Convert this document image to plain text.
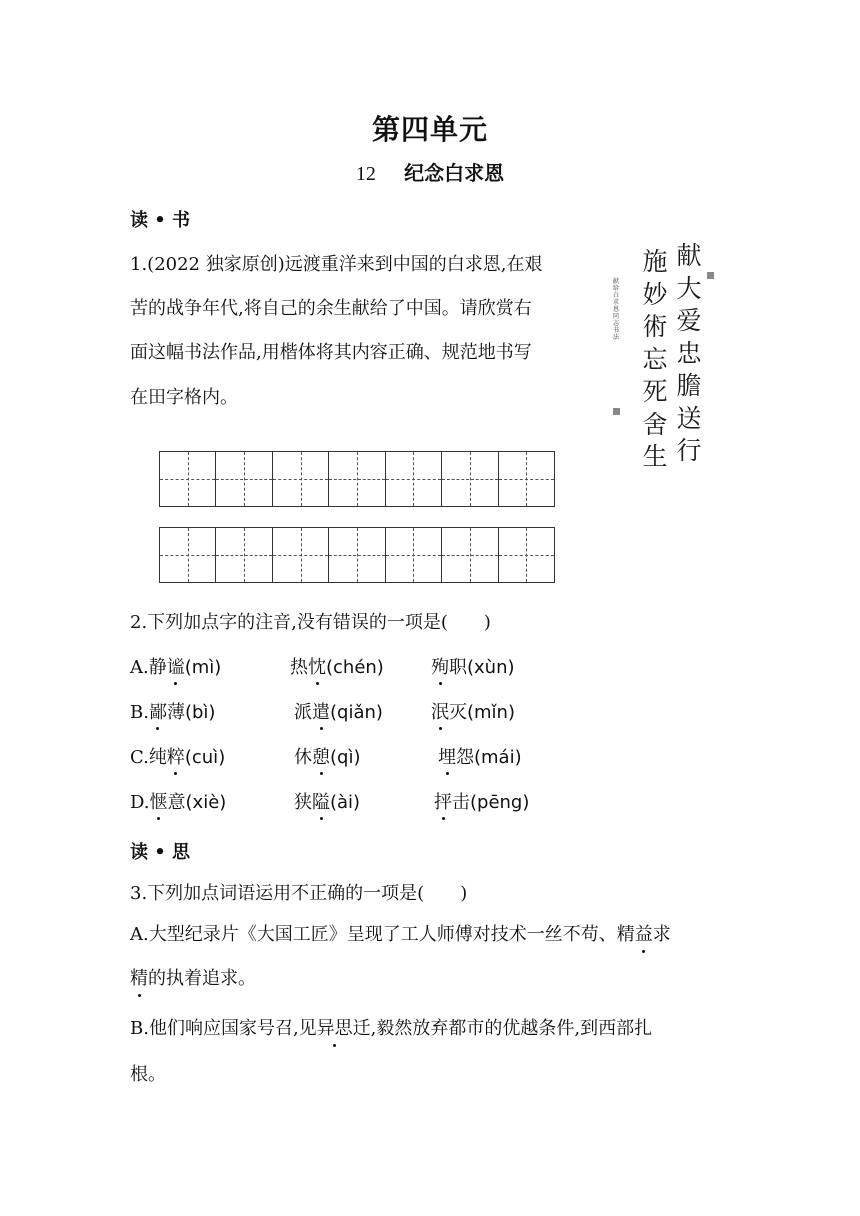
第四单元
12 纪念白求恩
读 • 书
1.(2022 独家原创)远渡重洋来到中国的白求恩,在艰
苦的战争年代,将自己的余生献给了中国。请欣赏右
面这幅书法作品,用楷体将其内容正确、规范地书写
在田字格内。
献给白求恩同志书法
施妙術忘死舍生
献大爱忠膽送行
2.下列加点字的注音,没有错误的一项是(　　)
A.静谧(mì)	热忱(chén)	殉职(xùn)
B.鄙薄(bì)	派遣(qiǎn)	泯灭(mǐn)
C.纯粹(cuì)	休憩(qì)	埋怨(mái)
D.惬意(xiè)	狭隘(ài)	抨击(pēng)
读 • 思
3.下列加点词语运用不正确的一项是(　　)
A.大型纪录片《大国工匠》呈现了工人师傅对技术一丝不苟、精益求
精的执着追求。
B.他们响应国家号召,见异思迁,毅然放弃都市的优越条件,到西部扎
根。
